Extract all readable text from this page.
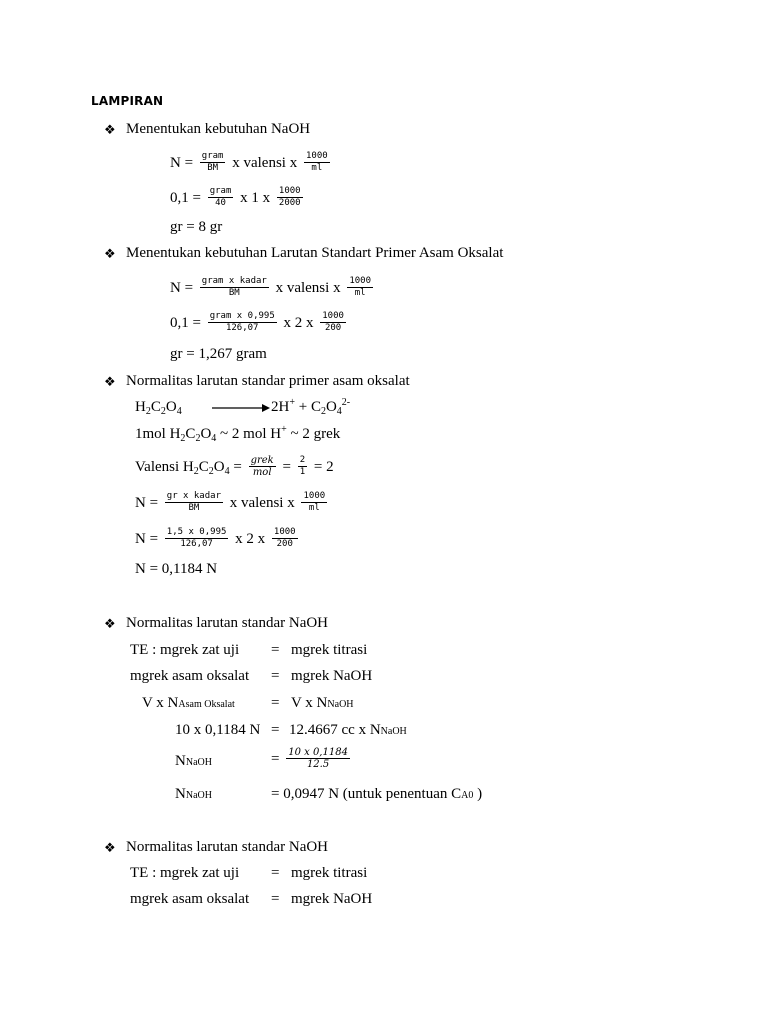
LAMPIRAN
❖ Menentukan kebutuhan NaOH
$N = \frac{\text{gram}}{BM}$ x valensi x $\frac{1000}{ml}$
$0,1 = \frac{\text{gram}}{40}$ x 1 x $\frac{1000}{2000}$
gr = 8 gr
❖ Menentukan kebutuhan Larutan Standart Primer Asam Oksalat
$N = \frac{\text{gram x kadar}}{BM}$ x valensi x $\frac{1000}{ml}$
$0,1 = \frac{\text{gram x 0,995}}{126,07}$ x 2 x $\frac{1000}{200}$
gr = 1,267 gram
❖ Normalitas larutan standar primer asam oksalat
$H_2C_2O_4 \to 2H^+ + C_2O_4^{2-}$
1mol $H_2C_2O_4$ ~ 2 mol H+ ~ 2 grek
Valensi $H_2C_2O_4 = \frac{\text{grek}}{\text{mol}} = \frac{2}{1} = 2$
$N = \frac{\text{gr x kadar}}{BM}$ x valensi x $\frac{1000}{ml}$
$N = \frac{1,5 x 0,995}{126,07}$ x 2 x $\frac{1000}{200}$
N = 0,1184 N
❖ Normalitas larutan standar NaOH
TE : mgrek zat uji = mgrek titrasi
mgrek asam oksalat = mgrek NaOH
V x NAsam Oksalat = V x NNaOH
10 x 0,1184 N = 12.4667 cc x NNaOH
NNaOH	= $\frac{10 x 0,1184}{12.5}$
NNaOH	= 0,0947 N (untuk penentuan CA0 )
❖ Normalitas larutan standar NaOH
TE : mgrek zat uji = mgrek titrasi
mgrek asam oksalat = mgrek NaOH
